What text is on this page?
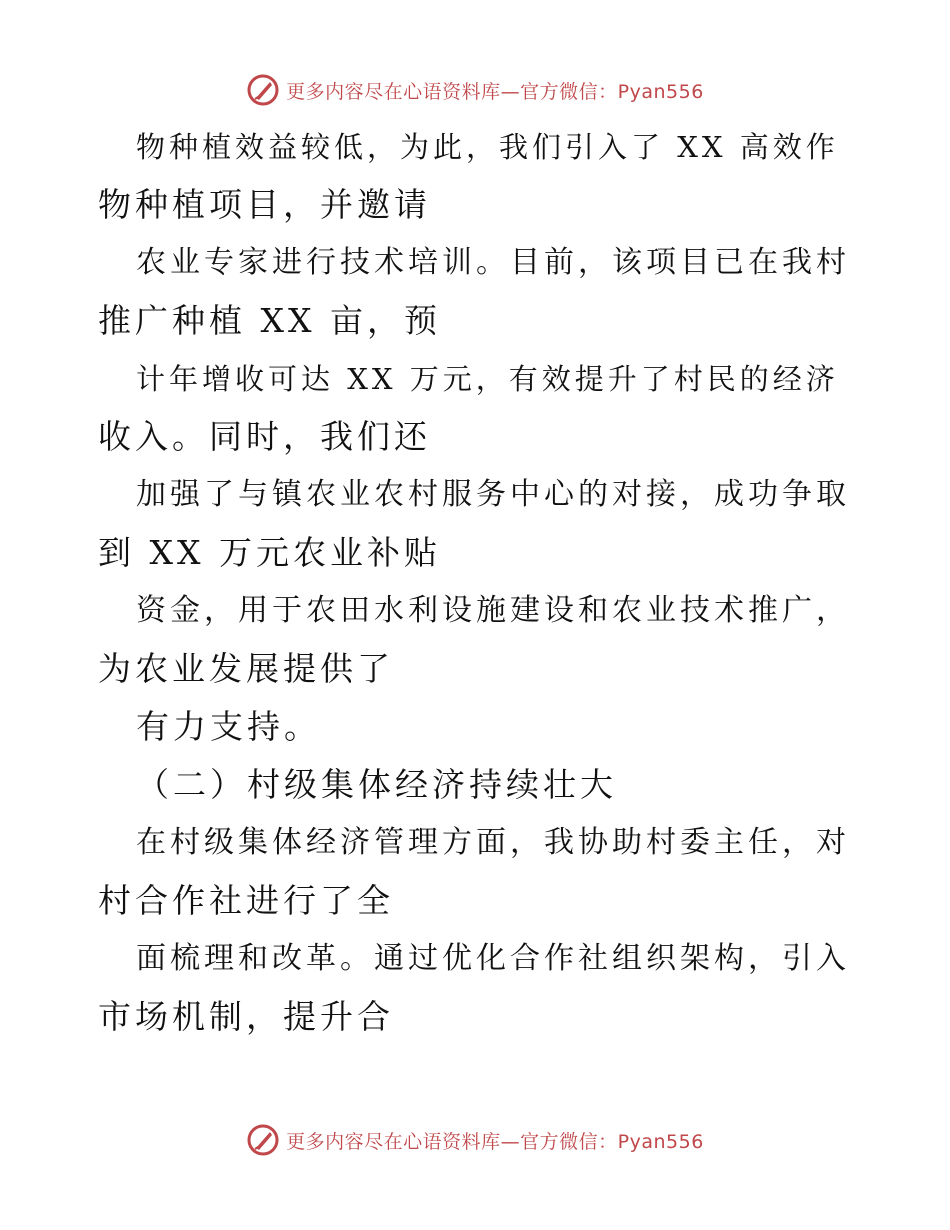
更多内容尽在心语资料库—官方微信：Pyan556

物种植效益较低，为此，我们引入了 XX 高效作

物种植项目，并邀请

农业专家进行技术培训。目前，该项目已在我村

推广种植 XX 亩，预

计年增收可达 XX 万元，有效提升了村民的经济

收入。同时，我们还

加强了与镇农业农村服务中心的对接，成功争取

到 XX 万元农业补贴

资金，用于农田水利设施建设和农业技术推广，

为农业发展提供了

有力支持。

（二）村级集体经济持续壮大

在村级集体经济管理方面，我协助村委主任，对

村合作社进行了全

面梳理和改革。通过优化合作社组织架构，引入

市场机制，提升合

更多内容尽在心语资料库—官方微信：Pyan556
